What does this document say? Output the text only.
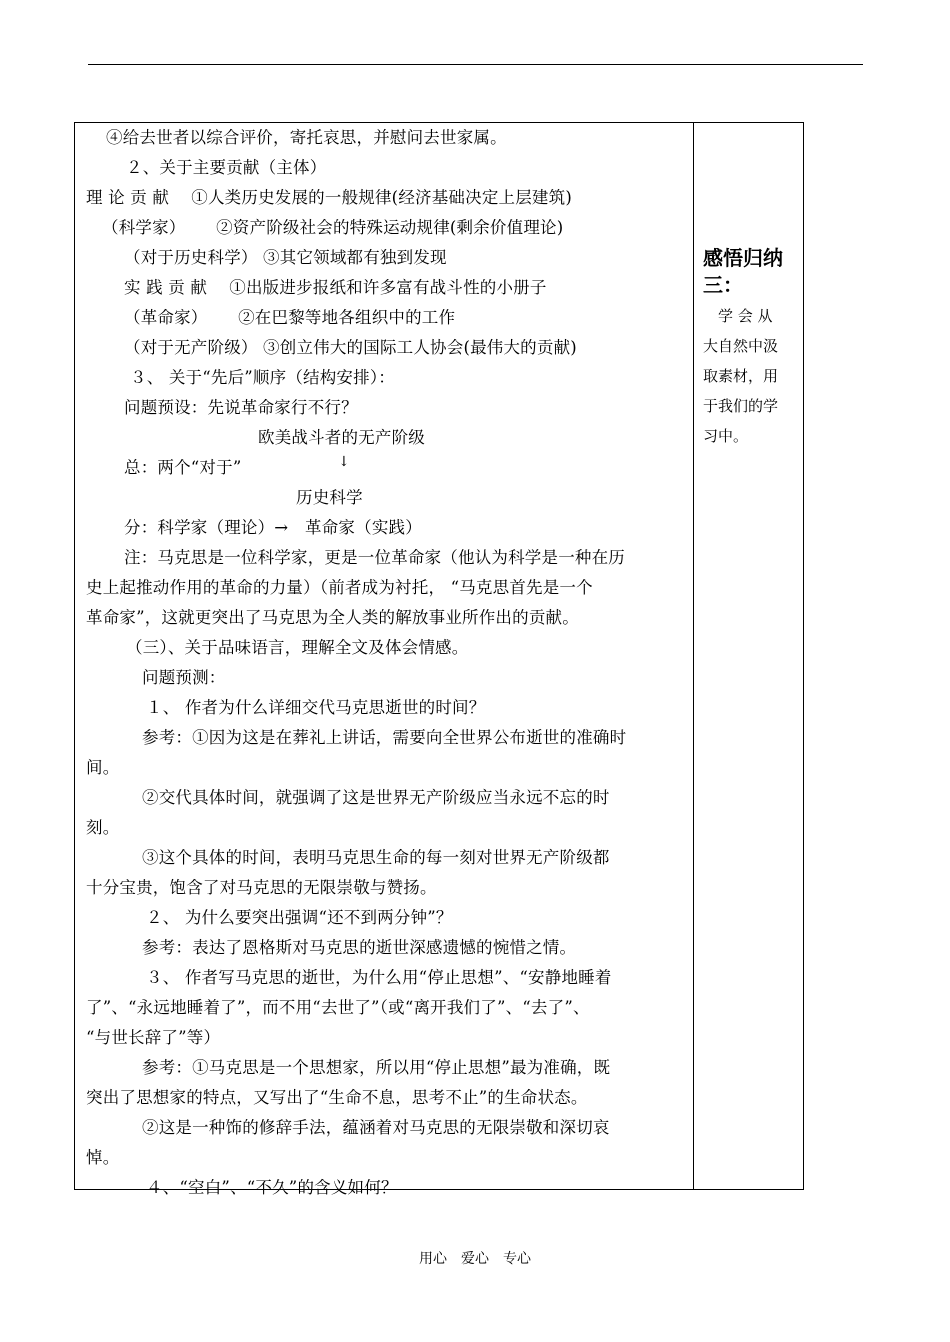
④给去世者以综合评价，寄托哀思，并慰问去世家属。
２、关于主要贡献（主体）
理 论 贡 献　 ①人类历史发展的一般规律(经济基础决定上层建筑)
（科学家）　　 ②资产阶级社会的特殊运动规律(剩余价值理论)
（对于历史科学） ③其它领域都有独到发现
实 践 贡 献　 ①出版进步报纸和许多富有战斗性的小册子
（革命家）　　 ②在巴黎等地各组织中的工作
（对于无产阶级） ③创立伟大的国际工人协会(最伟大的贡献)
３、 关于“先后”顺序（结构安排）：
问题预设：先说革命家行不行？
欧美战斗者的无产阶级
总：两个“对于”
历史科学
分：科学家（理论）→　革命家（实践）
注：马克思是一位科学家，更是一位革命家（他认为科学是一种在历
史上起推动作用的革命的力量）（前者成为衬托， “马克思首先是一个
革命家”，这就更突出了马克思为全人类的解放事业所作出的贡献。
（三）、关于品味语言，理解全文及体会情感。
问题预测：
１、 作者为什么详细交代马克思逝世的时间？
参考：①因为这是在葬礼上讲话，需要向全世界公布逝世的准确时
间。
②交代具体时间，就强调了这是世界无产阶级应当永远不忘的时
刻。
③这个具体的时间，表明马克思生命的每一刻对世界无产阶级都
十分宝贵，饱含了对马克思的无限崇敬与赞扬。
２、 为什么要突出强调“还不到两分钟”？
参考：表达了恩格斯对马克思的逝世深感遗憾的惋惜之情。
３、 作者写马克思的逝世，为什么用“停止思想”、“安静地睡着
了”、“永远地睡着了”，而不用“去世了”（或“离开我们了”、“去了”、
“与世长辞了”等）
参考：①马克思是一个思想家，所以用“停止思想”最为准确，既
突出了思想家的特点，又写出了“生命不息，思考不止”的生命状态。
②这是一种饰的修辞手法，蕴涵着对马克思的无限崇敬和深切哀
悼。
４、“空白”、“不久”的含义如何？
↓
感悟归纳
三：
　学 会 从
大自然中汲
取素材，用
于我们的学
习中。
用心　爱心　专心
